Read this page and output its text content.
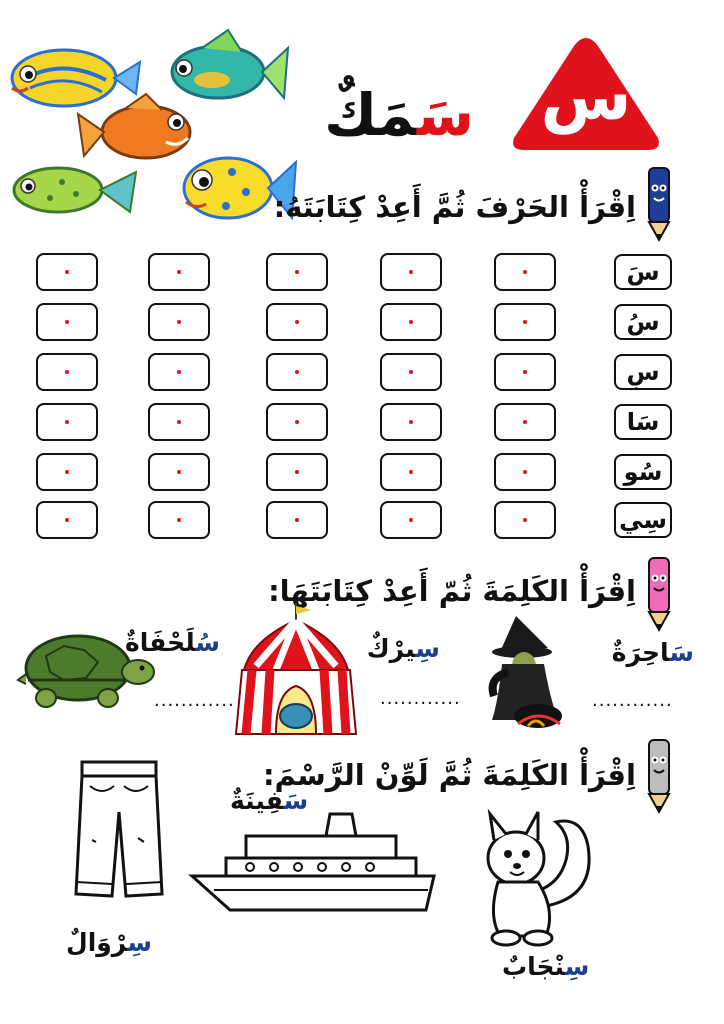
سَمَكٌ	س
اِقْرَأْ الحَرْفَ ثُمَّ أَعِدْ كِتَابَتَهُ:
سَ
سُ
سِ
سَا
سُو
سِي
اِقْرَأْ الكَلِمَةَ ثُمّ أَعِدْ كِتَابَتَهَا:
سَاحِرَةٌ
سِيرْكٌ
سُلَحْفَاةٌ
............
............
............
اِقْرَأْ الكَلِمَةَ ثُمَّ لَوِّنْ الرَّسْمَ:
سِرْوَالٌ
سَفِينَةٌ
سِنْجَابٌ
